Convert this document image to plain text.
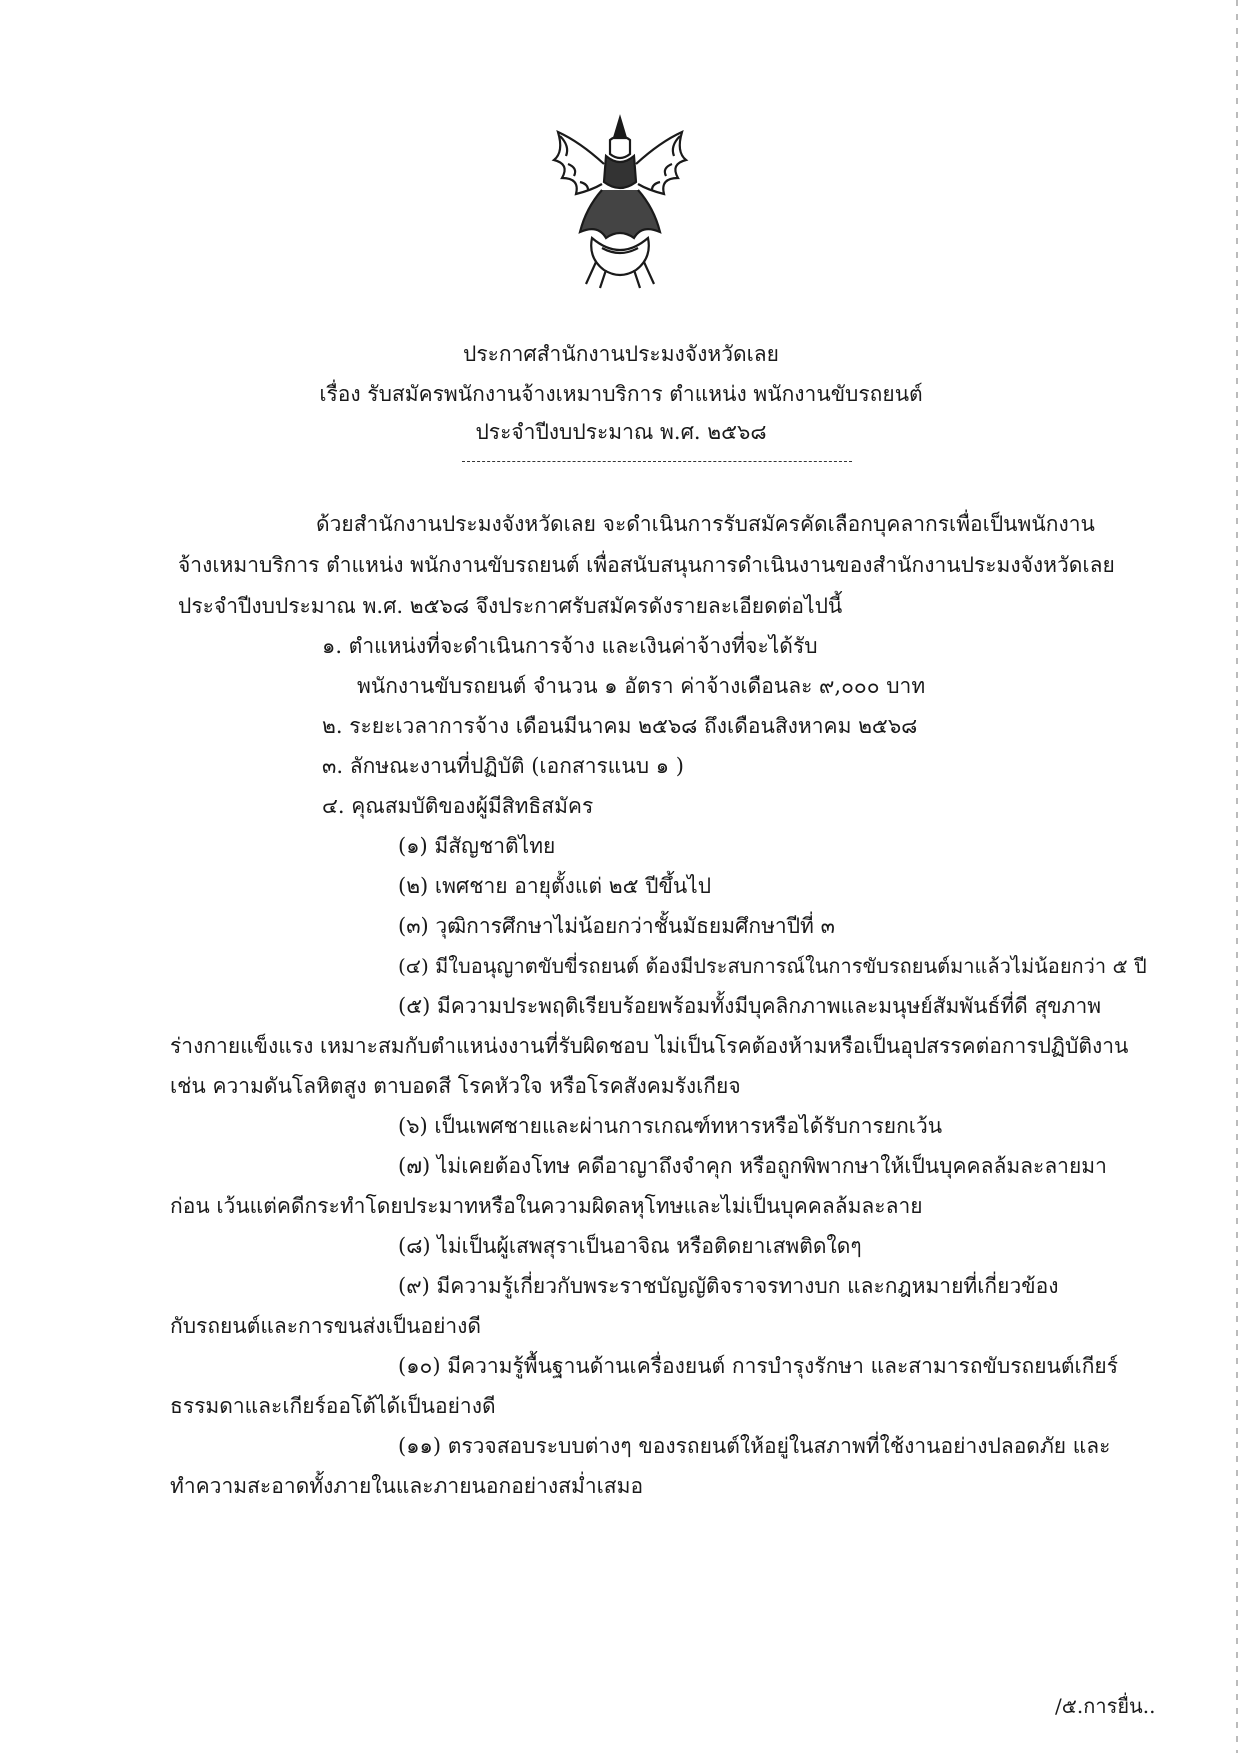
ประกาศสำนักงานประมงจังหวัดเลย
เรื่อง รับสมัครพนักงานจ้างเหมาบริการ ตำแหน่ง พนักงานขับรถยนต์
ประจำปีงบประมาณ พ.ศ. ๒๕๖๘
ด้วยสำนักงานประมงจังหวัดเลย จะดำเนินการรับสมัครคัดเลือกบุคลากรเพื่อเป็นพนักงาน
จ้างเหมาบริการ ตำแหน่ง พนักงานขับรถยนต์ เพื่อสนับสนุนการดำเนินงานของสำนักงานประมงจังหวัดเลย
ประจำปีงบประมาณ พ.ศ. ๒๕๖๘ จึงประกาศรับสมัครดังรายละเอียดต่อไปนี้
๑. ตำแหน่งที่จะดำเนินการจ้าง และเงินค่าจ้างที่จะได้รับ
พนักงานขับรถยนต์ จำนวน ๑ อัตรา ค่าจ้างเดือนละ ๙,๐๐๐ บาท
๒. ระยะเวลาการจ้าง เดือนมีนาคม ๒๕๖๘ ถึงเดือนสิงหาคม ๒๕๖๘
๓. ลักษณะงานที่ปฏิบัติ (เอกสารแนบ ๑ )
๔. คุณสมบัติของผู้มีสิทธิสมัคร
(๑) มีสัญชาติไทย
(๒) เพศชาย อายุตั้งแต่ ๒๕ ปีขึ้นไป
(๓) วุฒิการศึกษาไม่น้อยกว่าชั้นมัธยมศึกษาปีที่ ๓
(๔) มีใบอนุญาตขับขี่รถยนต์ ต้องมีประสบการณ์ในการขับรถยนต์มาแล้วไม่น้อยกว่า ๕ ปี
(๕) มีความประพฤติเรียบร้อยพร้อมทั้งมีบุคลิกภาพและมนุษย์สัมพันธ์ที่ดี สุขภาพ
ร่างกายแข็งแรง เหมาะสมกับตำแหน่งงานที่รับผิดชอบ ไม่เป็นโรคต้องห้ามหรือเป็นอุปสรรคต่อการปฏิบัติงาน
เช่น ความดันโลหิตสูง ตาบอดสี โรคหัวใจ หรือโรคสังคมรังเกียจ
(๖) เป็นเพศชายและผ่านการเกณฑ์ทหารหรือได้รับการยกเว้น
(๗) ไม่เคยต้องโทษ คดีอาญาถึงจำคุก หรือถูกพิพากษาให้เป็นบุคคลล้มละลายมา
ก่อน เว้นแต่คดีกระทำโดยประมาทหรือในความผิดลหุโทษและไม่เป็นบุคคลล้มละลาย
(๘) ไม่เป็นผู้เสพสุราเป็นอาจิณ หรือติดยาเสพติดใดๆ
(๙) มีความรู้เกี่ยวกับพระราชบัญญัติจราจรทางบก และกฎหมายที่เกี่ยวข้อง
กับรถยนต์และการขนส่งเป็นอย่างดี
(๑๐) มีความรู้พื้นฐานด้านเครื่องยนต์ การบำรุงรักษา และสามารถขับรถยนต์เกียร์
ธรรมดาและเกียร์ออโต้ได้เป็นอย่างดี
(๑๑) ตรวจสอบระบบต่างๆ ของรถยนต์ให้อยู่ในสภาพที่ใช้งานอย่างปลอดภัย และ
ทำความสะอาดทั้งภายในและภายนอกอย่างสม่ำเสมอ
/๕.การยื่น..
